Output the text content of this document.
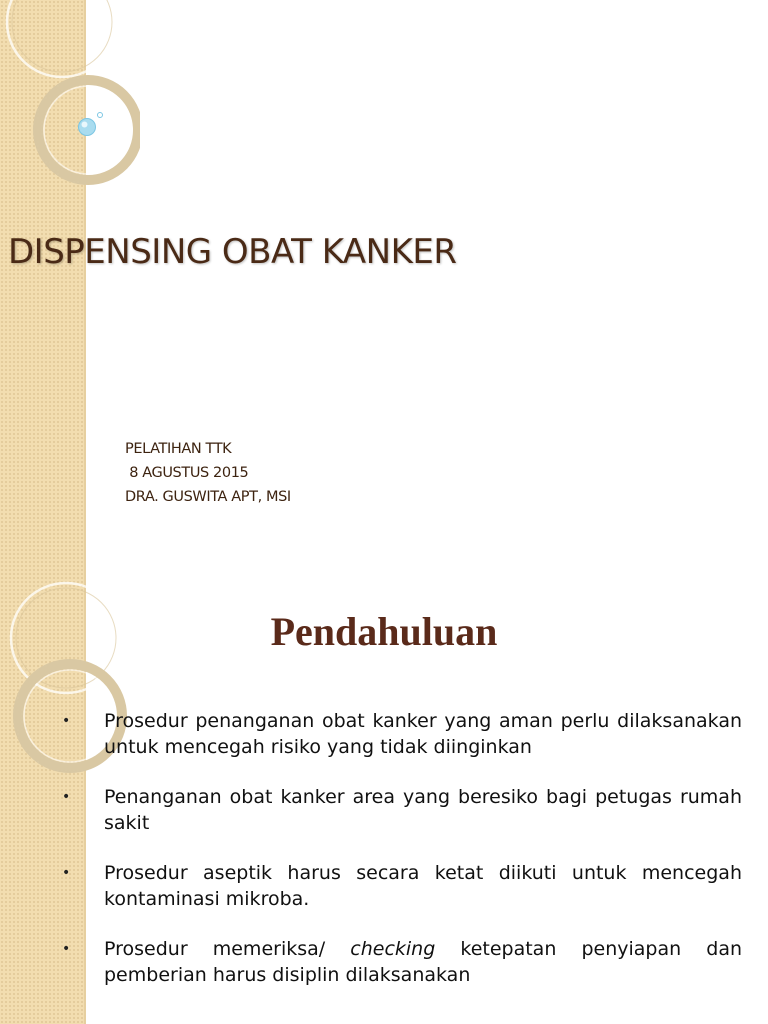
DISPENSING OBAT KANKER
PELATIHAN TTK
8 AGUSTUS 2015
DRA. GUSWITA APT, MSI
Pendahuluan
• Prosedur penanganan obat kanker yang aman perlu dilaksanakan untuk mencegah risiko yang tidak diinginkan
• Penanganan obat kanker area yang beresiko bagi petugas rumah sakit
• Prosedur aseptik harus secara ketat diikuti untuk mencegah kontaminasi mikroba.
• Prosedur memeriksa/ checking ketepatan penyiapan dan pemberian harus disiplin dilaksanakan
